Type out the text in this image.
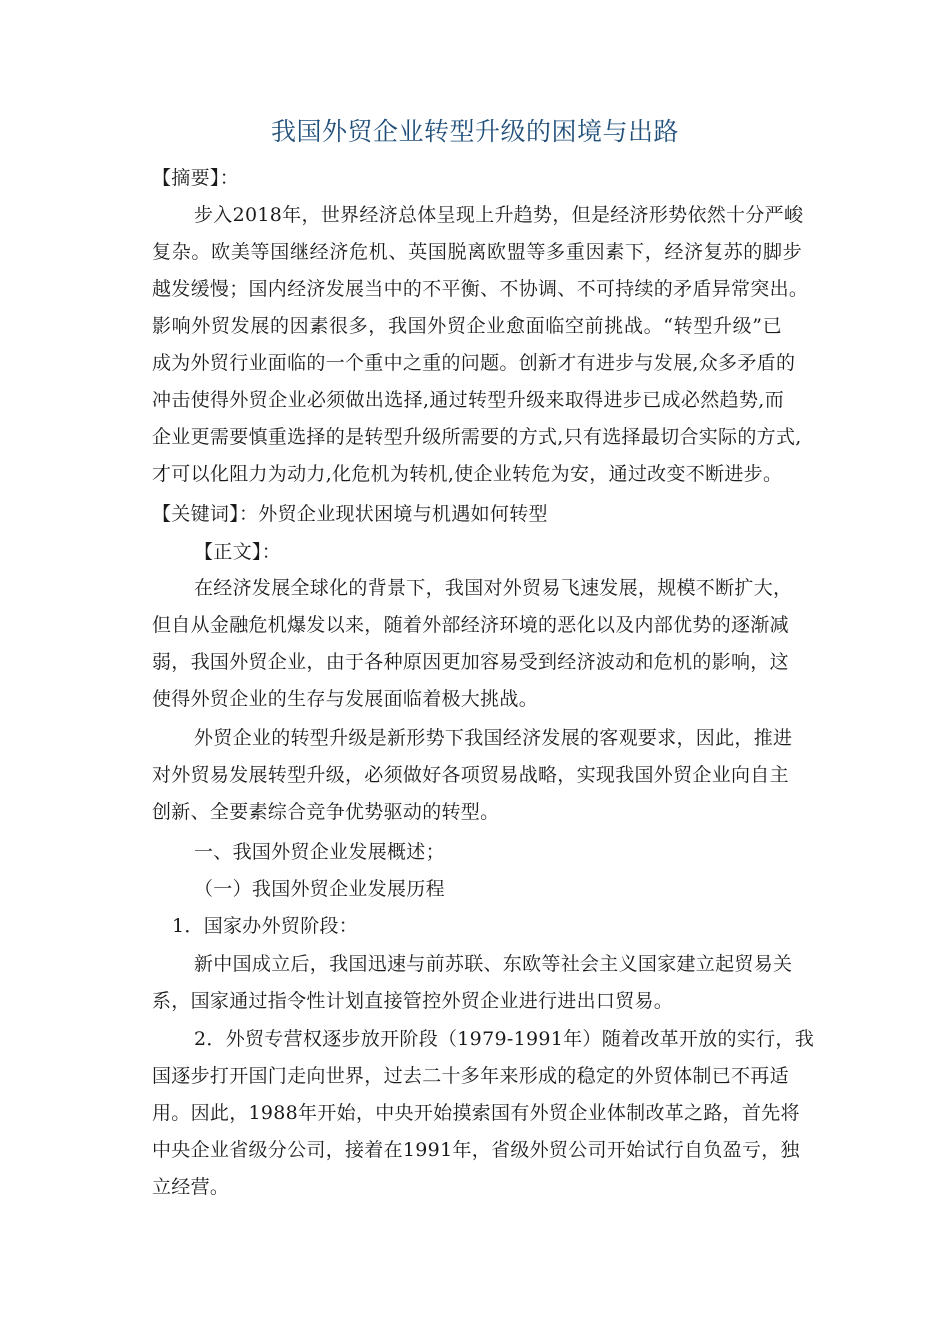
我国外贸企业转型升级的困境与出路
【摘要】：
步入2018年，世界经济总体呈现上升趋势，但是经济形势依然十分严峻
复杂。欧美等国继经济危机、英国脱离欧盟等多重因素下，经济复苏的脚步
越发缓慢；国内经济发展当中的不平衡、不协调、不可持续的矛盾异常突出。
影响外贸发展的因素很多，我国外贸企业愈面临空前挑战。“转型升级”已
成为外贸行业面临的一个重中之重的问题。创新才有进步与发展,众多矛盾的
冲击使得外贸企业必须做出选择,通过转型升级来取得进步已成必然趋势,而
企业更需要慎重选择的是转型升级所需要的方式,只有选择最切合实际的方式,
才可以化阻力为动力,化危机为转机,使企业转危为安，通过改变不断进步。
【关键词】：外贸企业现状困境与机遇如何转型
【正文】：
在经济发展全球化的背景下，我国对外贸易飞速发展，规模不断扩大，
但自从金融危机爆发以来，随着外部经济环境的恶化以及内部优势的逐渐减
弱，我国外贸企业，由于各种原因更加容易受到经济波动和危机的影响，这
使得外贸企业的生存与发展面临着极大挑战。
外贸企业的转型升级是新形势下我国经济发展的客观要求，因此，推进
对外贸易发展转型升级，必须做好各项贸易战略，实现我国外贸企业向自主
创新、全要素综合竞争优势驱动的转型。
一、我国外贸企业发展概述；
（一）我国外贸企业发展历程
1．国家办外贸阶段：
新中国成立后，我国迅速与前苏联、东欧等社会主义国家建立起贸易关
系，国家通过指令性计划直接管控外贸企业进行进出口贸易。
2．外贸专营权逐步放开阶段（1979-1991年）随着改革开放的实行，我
国逐步打开国门走向世界，过去二十多年来形成的稳定的外贸体制已不再适
用。因此，1988年开始，中央开始摸索国有外贸企业体制改革之路，首先将
中央企业省级分公司，接着在1991年，省级外贸公司开始试行自负盈亏，独
立经营。
